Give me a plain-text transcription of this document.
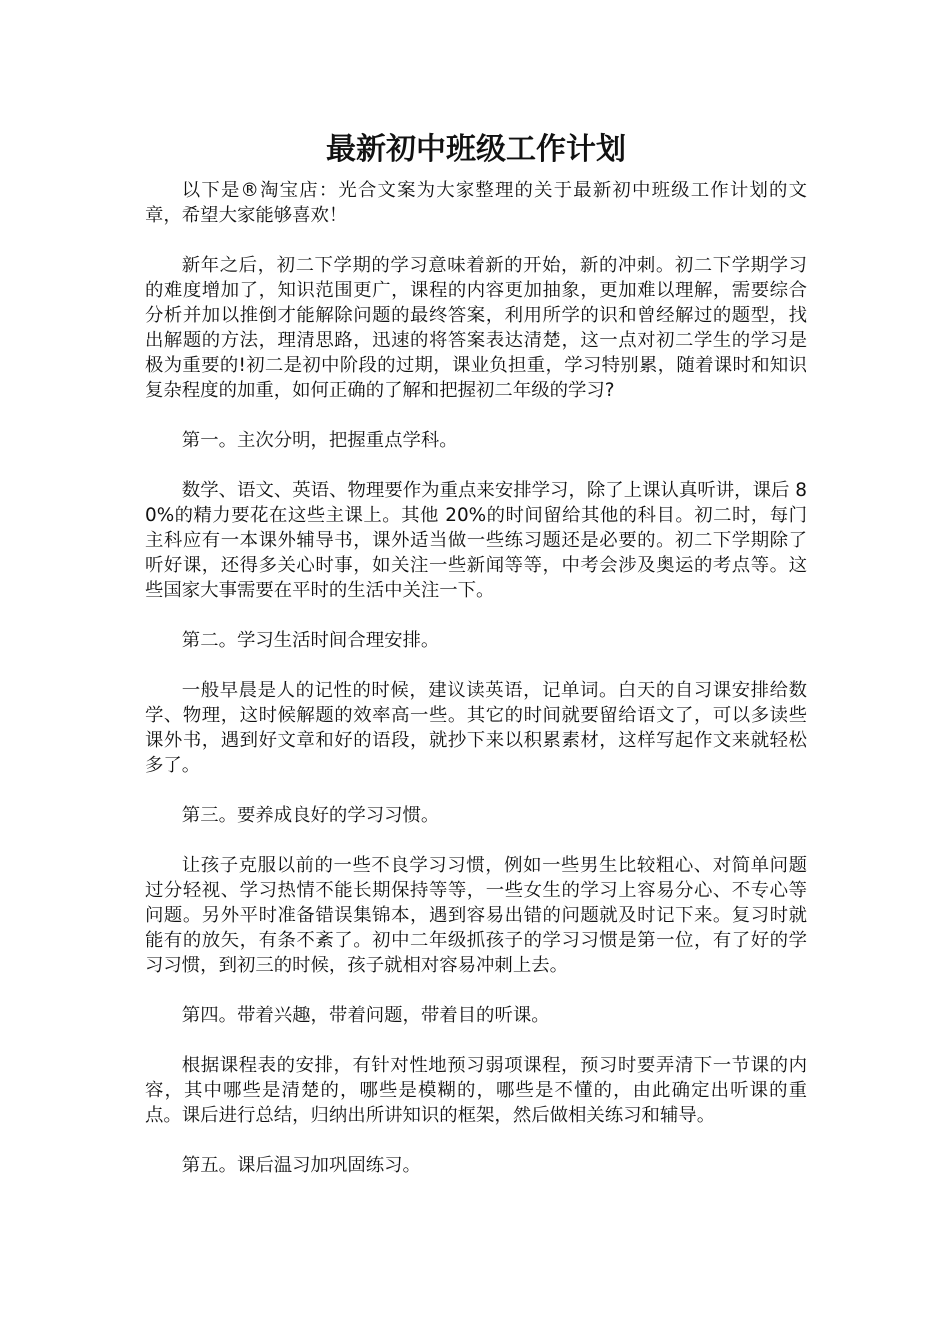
最新初中班级工作计划

以下是®淘宝店：光合文案为大家整理的关于最新初中班级工作计划的文章，希望大家能够喜欢！

新年之后，初二下学期的学习意味着新的开始，新的冲刺。初二下学期学习的难度增加了，知识范围更广，课程的内容更加抽象，更加难以理解，需要综合分析并加以推倒才能解除问题的最终答案，利用所学的识和曾经解过的题型，找出解题的方法，理清思路，迅速的将答案表达清楚，这一点对初二学生的学习是极为重要的!初二是初中阶段的过期，课业负担重，学习特别累，随着课时和知识复杂程度的加重，如何正确的了解和把握初二年级的学习?

第一。主次分明，把握重点学科。

数学、语文、英语、物理要作为重点来安排学习，除了上课认真听讲，课后 80%的精力要花在这些主课上。其他 20%的时间留给其他的科目。初二时，每门主科应有一本课外辅导书，课外适当做一些练习题还是必要的。初二下学期除了听好课，还得多关心时事，如关注一些新闻等等，中考会涉及奥运的考点等。这些国家大事需要在平时的生活中关注一下。

第二。学习生活时间合理安排。

一般早晨是人的记性的时候，建议读英语，记单词。白天的自习课安排给数学、物理，这时候解题的效率高一些。其它的时间就要留给语文了，可以多读些课外书，遇到好文章和好的语段，就抄下来以积累素材，这样写起作文来就轻松多了。

第三。要养成良好的学习习惯。

让孩子克服以前的一些不良学习习惯，例如一些男生比较粗心、对简单问题过分轻视、学习热情不能长期保持等等，一些女生的学习上容易分心、不专心等问题。另外平时准备错误集锦本，遇到容易出错的问题就及时记下来。复习时就能有的放矢，有条不紊了。初中二年级抓孩子的学习习惯是第一位，有了好的学习习惯，到初三的时候，孩子就相对容易冲刺上去。

第四。带着兴趣，带着问题，带着目的听课。

根据课程表的安排，有针对性地预习弱项课程，预习时要弄清下一节课的内容，其中哪些是清楚的，哪些是模糊的，哪些是不懂的，由此确定出听课的重点。课后进行总结，归纳出所讲知识的框架，然后做相关练习和辅导。

第五。课后温习加巩固练习。
